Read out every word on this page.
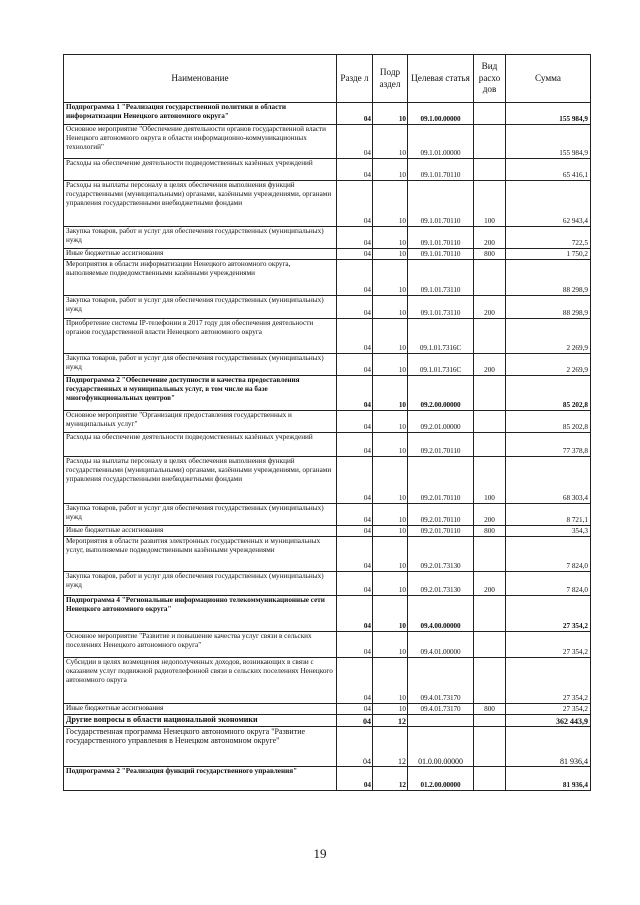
Наименование	Разде л	Подр аздел	Целевая статья	Вид расхо дов	Сумма
Подпрограмма 1 "Реализация государственной политики в области информатизации Ненецкого автономного округа"	04	10	09.1.00.00000		155 984,9
Основное мероприятие "Обеспечение деятельности органов государственной власти Ненецкого автономного округа в области информационно-коммуникационных технологий"	04	10	09.1.01.00000		155 984,9
Расходы на обеспечение деятельности подведомственных казённых учреждений	04	10	09.1.01.70110		65 416,1
Расходы на выплаты персоналу в целях обеспечения выполнения функций государственными (муниципальными) органами, казёнными учреждениями, органами управления государственными внебюджетными фондами	04	10	09.1.01.70110	100	62 943,4
Закупка товаров, работ и услуг для обеспечения государственных (муниципальных) нужд	04	10	09.1.01.70110	200	722,5
Иные бюджетные ассигнования	04	10	09.1.01.70110	800	1 750,2
Мероприятия в области информатизации Ненецкого автономного округа, выполняемые подведомственными казёнными учреждениями	04	10	09.1.01.73110		88 298,9
Закупка товаров, работ и услуг для обеспечения государственных (муниципальных) нужд	04	10	09.1.01.73110	200	88 298,9
Приобретение системы IP-телефонии в 2017 году для обеспечения деятельности органов государственной власти Ненецкого автономного округа	04	10	09.1.01.7316C		2 269,9
Закупка товаров, работ и услуг для обеспечения государственных (муниципальных) нужд	04	10	09.1.01.7316C	200	2 269,9
Подпрограмма 2 "Обеспечение доступности и качества предоставления государственных и муниципальных услуг, в том числе на базе многофункциональных центров"	04	10	09.2.00.00000		85 202,8
Основное мероприятие "Организация предоставления государственных и муниципальных услуг"	04	10	09.2.01.00000		85 202,8
Расходы на обеспечение деятельности подведомственных казённых учреждений	04	10	09.2.01.70110		77 378,8
Расходы на выплаты персоналу в целях обеспечения выполнения функций государственными (муниципальными) органами, казёнными учреждениями, органами управления государственными внебюджетными фондами	04	10	09.2.01.70110	100	68 303,4
Закупка товаров, работ и услуг для обеспечения государственных (муниципальных) нужд	04	10	09.2.01.70110	200	8 721,1
Иные бюджетные ассигнования	04	10	09.2.01.70110	800	354,3
Мероприятия в области развития электронных государственных и муниципальных услуг, выполняемые подведомственными казёнными учреждениями	04	10	09.2.01.73130		7 824,0
Закупка товаров, работ и услуг для обеспечения государственных (муниципальных) нужд	04	10	09.2.01.73130	200	7 824,0
Подпрограмма 4 "Региональные информационно телекоммуникационные сети Ненецкого автономного округа"	04	10	09.4.00.00000		27 354,2
Основное мероприятие "Развитие и повышение качества услуг связи в сельских поселениях Ненецкого автономного округа"	04	10	09.4.01.00000		27 354,2
Субсидии в целях возмещения недополученных доходов, возникающих в связи с оказанием услуг подвижной радиотелефонной связи в сельских поселениях Ненецкого автономного округа	04	10	09.4.01.73170		27 354,2
Иные бюджетные ассигнования	04	10	09.4.01.73170	800	27 354,2
Другие вопросы в области национальной экономики	04	12			362 443,9
Государственная программа Ненецкого автономного округа "Развитие государственного управления в Ненецком автономном округе"	04	12	01.0.00.00000		81 936,4
Подпрограмма 2 "Реализация функций государственного управления"	04	12	01.2.00.00000		81 936,4
19
